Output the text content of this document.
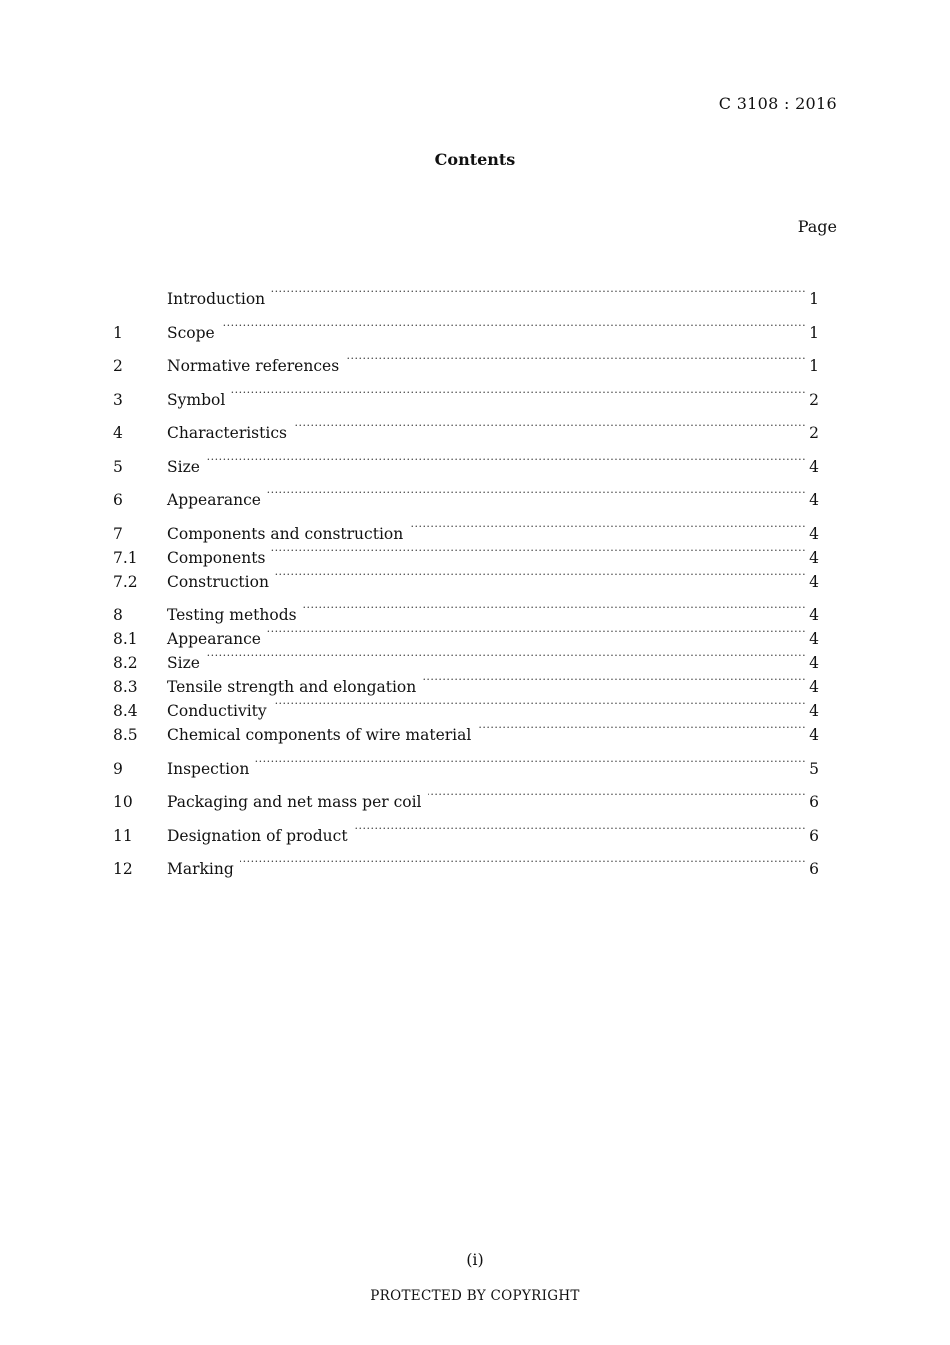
C 3108 : 2016
Contents
Page
Introduction ·····	1
1	Scope ·····	1
2	Normative references ·····	1
3	Symbol ·····	2
4	Characteristics ·····	2
5	Size ·····	4
6	Appearance ·····	4
7	Components and construction ·····	4
7.1	Components ·····	4
7.2	Construction ·····	4
8	Testing methods ·····	4
8.1	Appearance ·····	4
8.2	Size ·····	4
8.3	Tensile strength and elongation ·····	4
8.4	Conductivity ·····	4
8.5	Chemical components of wire material ·····	4
9	Inspection ·····	5
10	Packaging and net mass per coil ·····	6
11	Designation of product ·····	6
12	Marking ·····	6
(i)
PROTECTED BY COPYRIGHT
